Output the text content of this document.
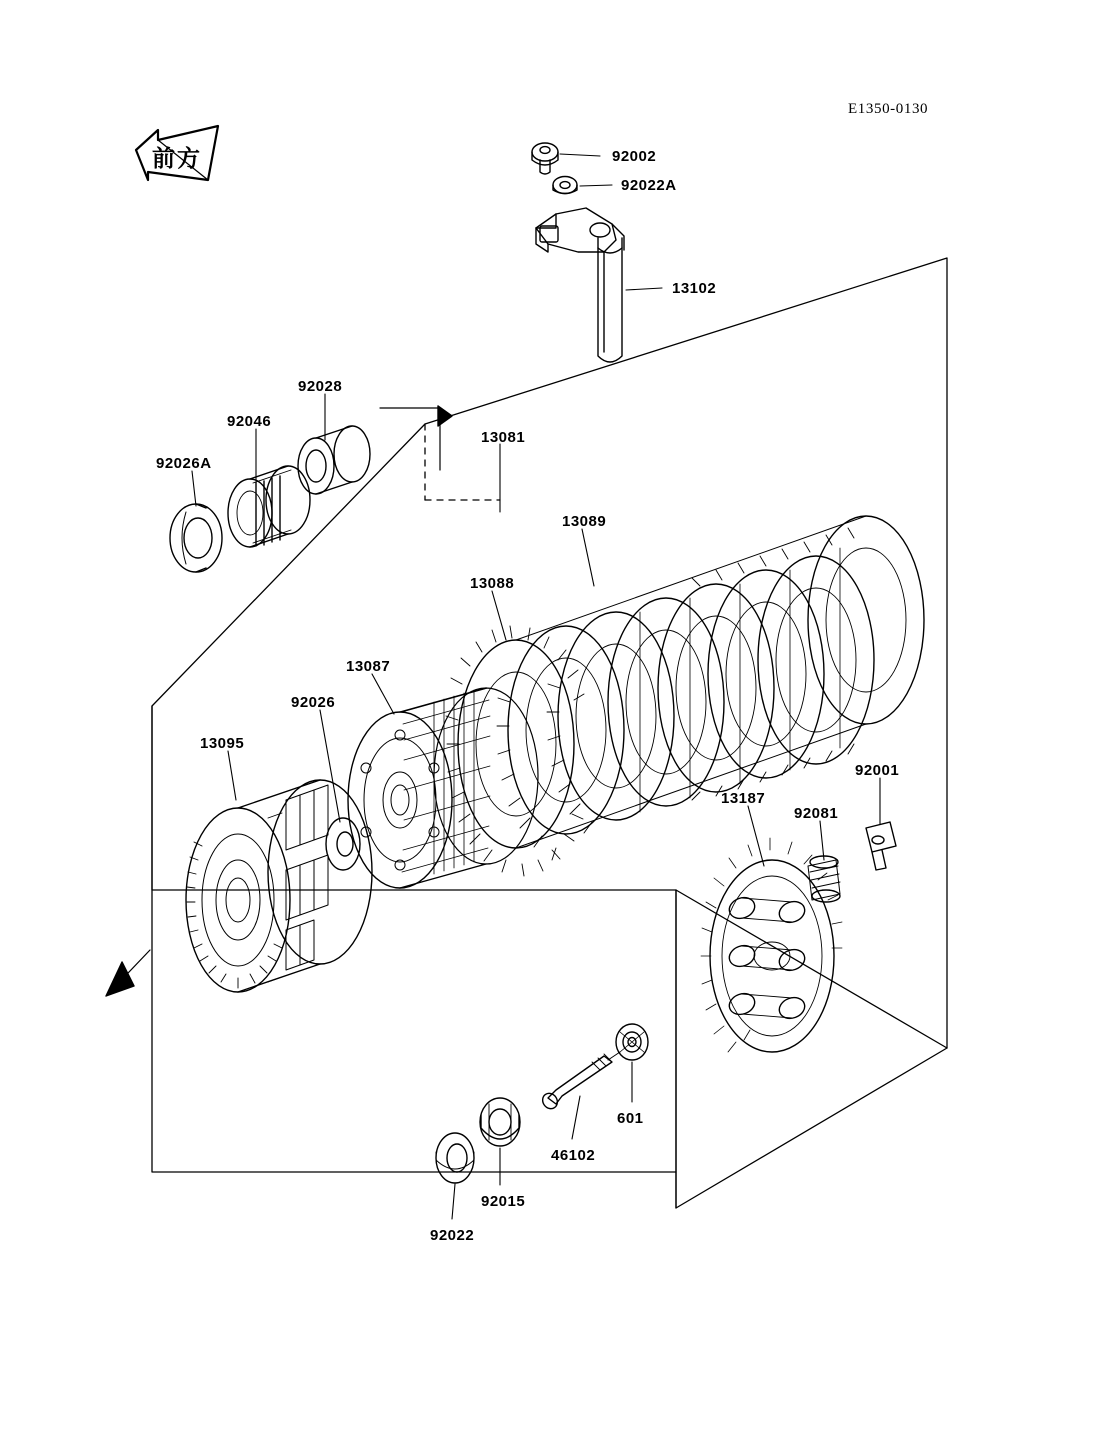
E1350-0130
前方	92002
92022A
13102
92028
92046
92026A
13081
13089
13088
13087
92026
13095
92001
13187
92081
601
46102
92015
92022
